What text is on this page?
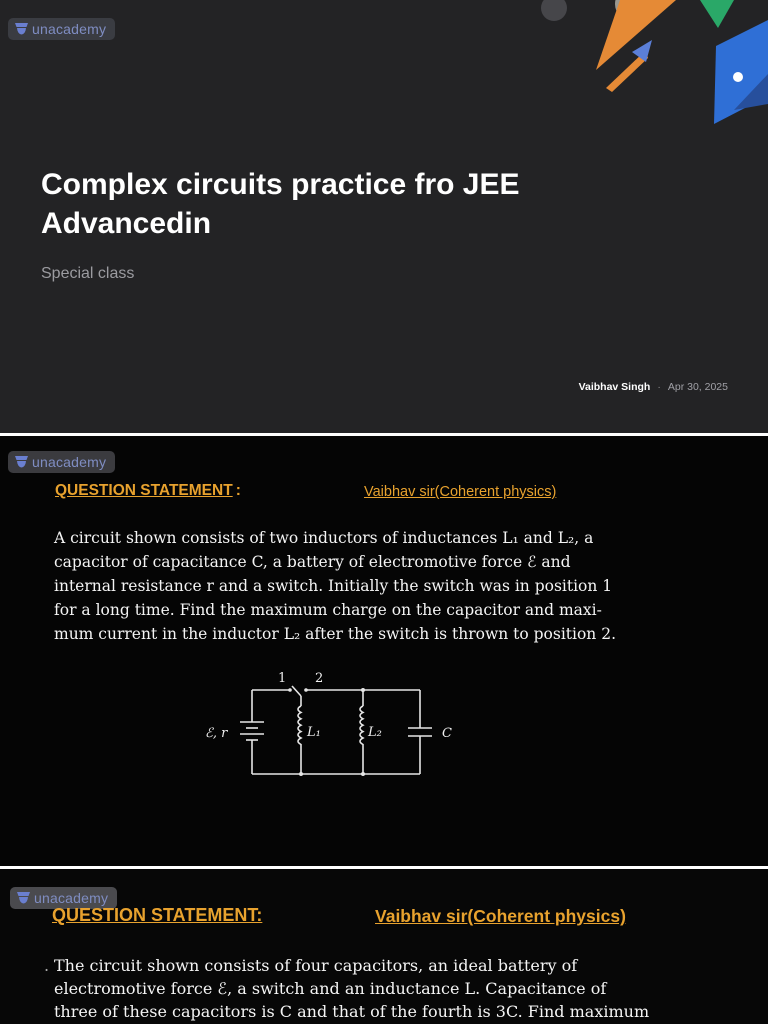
unacademy
Complex circuits practice fro JEE
Advancedin
Special class
Vaibhav Singh · Apr 30, 2025
unacademy
QUESTION STATEMENT :	Vaibhav sir(Coherent physics)
A circuit shown consists of two inductors of inductances L₁ and L₂, a
capacitor of capacitance C, a battery of electromotive force ℰ and
internal resistance r and a switch. Initially the switch was in position 1
for a long time. Find the maximum charge on the capacitor and maxi-
mum current in the inductor L₂ after the switch is thrown to position 2.
ℰ, r
1 2
L₁	L₂	C
unacademy
QUESTION STATEMENT:	Vaibhav sir(Coherent physics)
. The circuit shown consists of four capacitors, an ideal battery of
electromotive force ℰ, a switch and an inductance L. Capacitance of
three of these capacitors is C and that of the fourth is 3C. Find maximum
